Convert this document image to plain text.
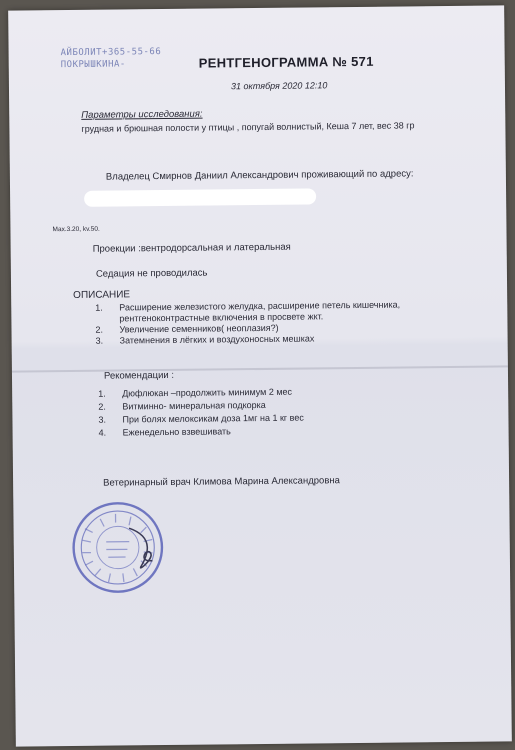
АЙБОЛИТ+365-55-66
ПОКРЫШКИНА-	РЕНТГЕНОГРАММА № 571
31 октября 2020 12:10
Параметры исследования:
грудная и брюшная полости у птицы , попугай волнистый, Кеша 7 лет, вес 38 гр
Владелец Смирнов Даниил Александрович проживающий по адресу:
Мах.3.20, kv.50.
Проекции :вентродорсальная и латеральная
Седация не проводилась
ОПИСАНИЕ
1. Расширение железистого желудка, расширение петель кишечника,
рентгеноконтрастные включения в просвете жкт.
2. Увеличение семенников( неоплазия?)
3. Затемнения в лёгких и воздухоносных мешках
Рекомендации :
1. Дюфлюкан –продолжить минимум 2 мес
2. Витминно- минеральная подкорка
3. При болях мелоксикам доза 1мг на 1 кг вес
4. Еженедельно взвешивать
Ветеринарный врач Климова Марина Александровна
